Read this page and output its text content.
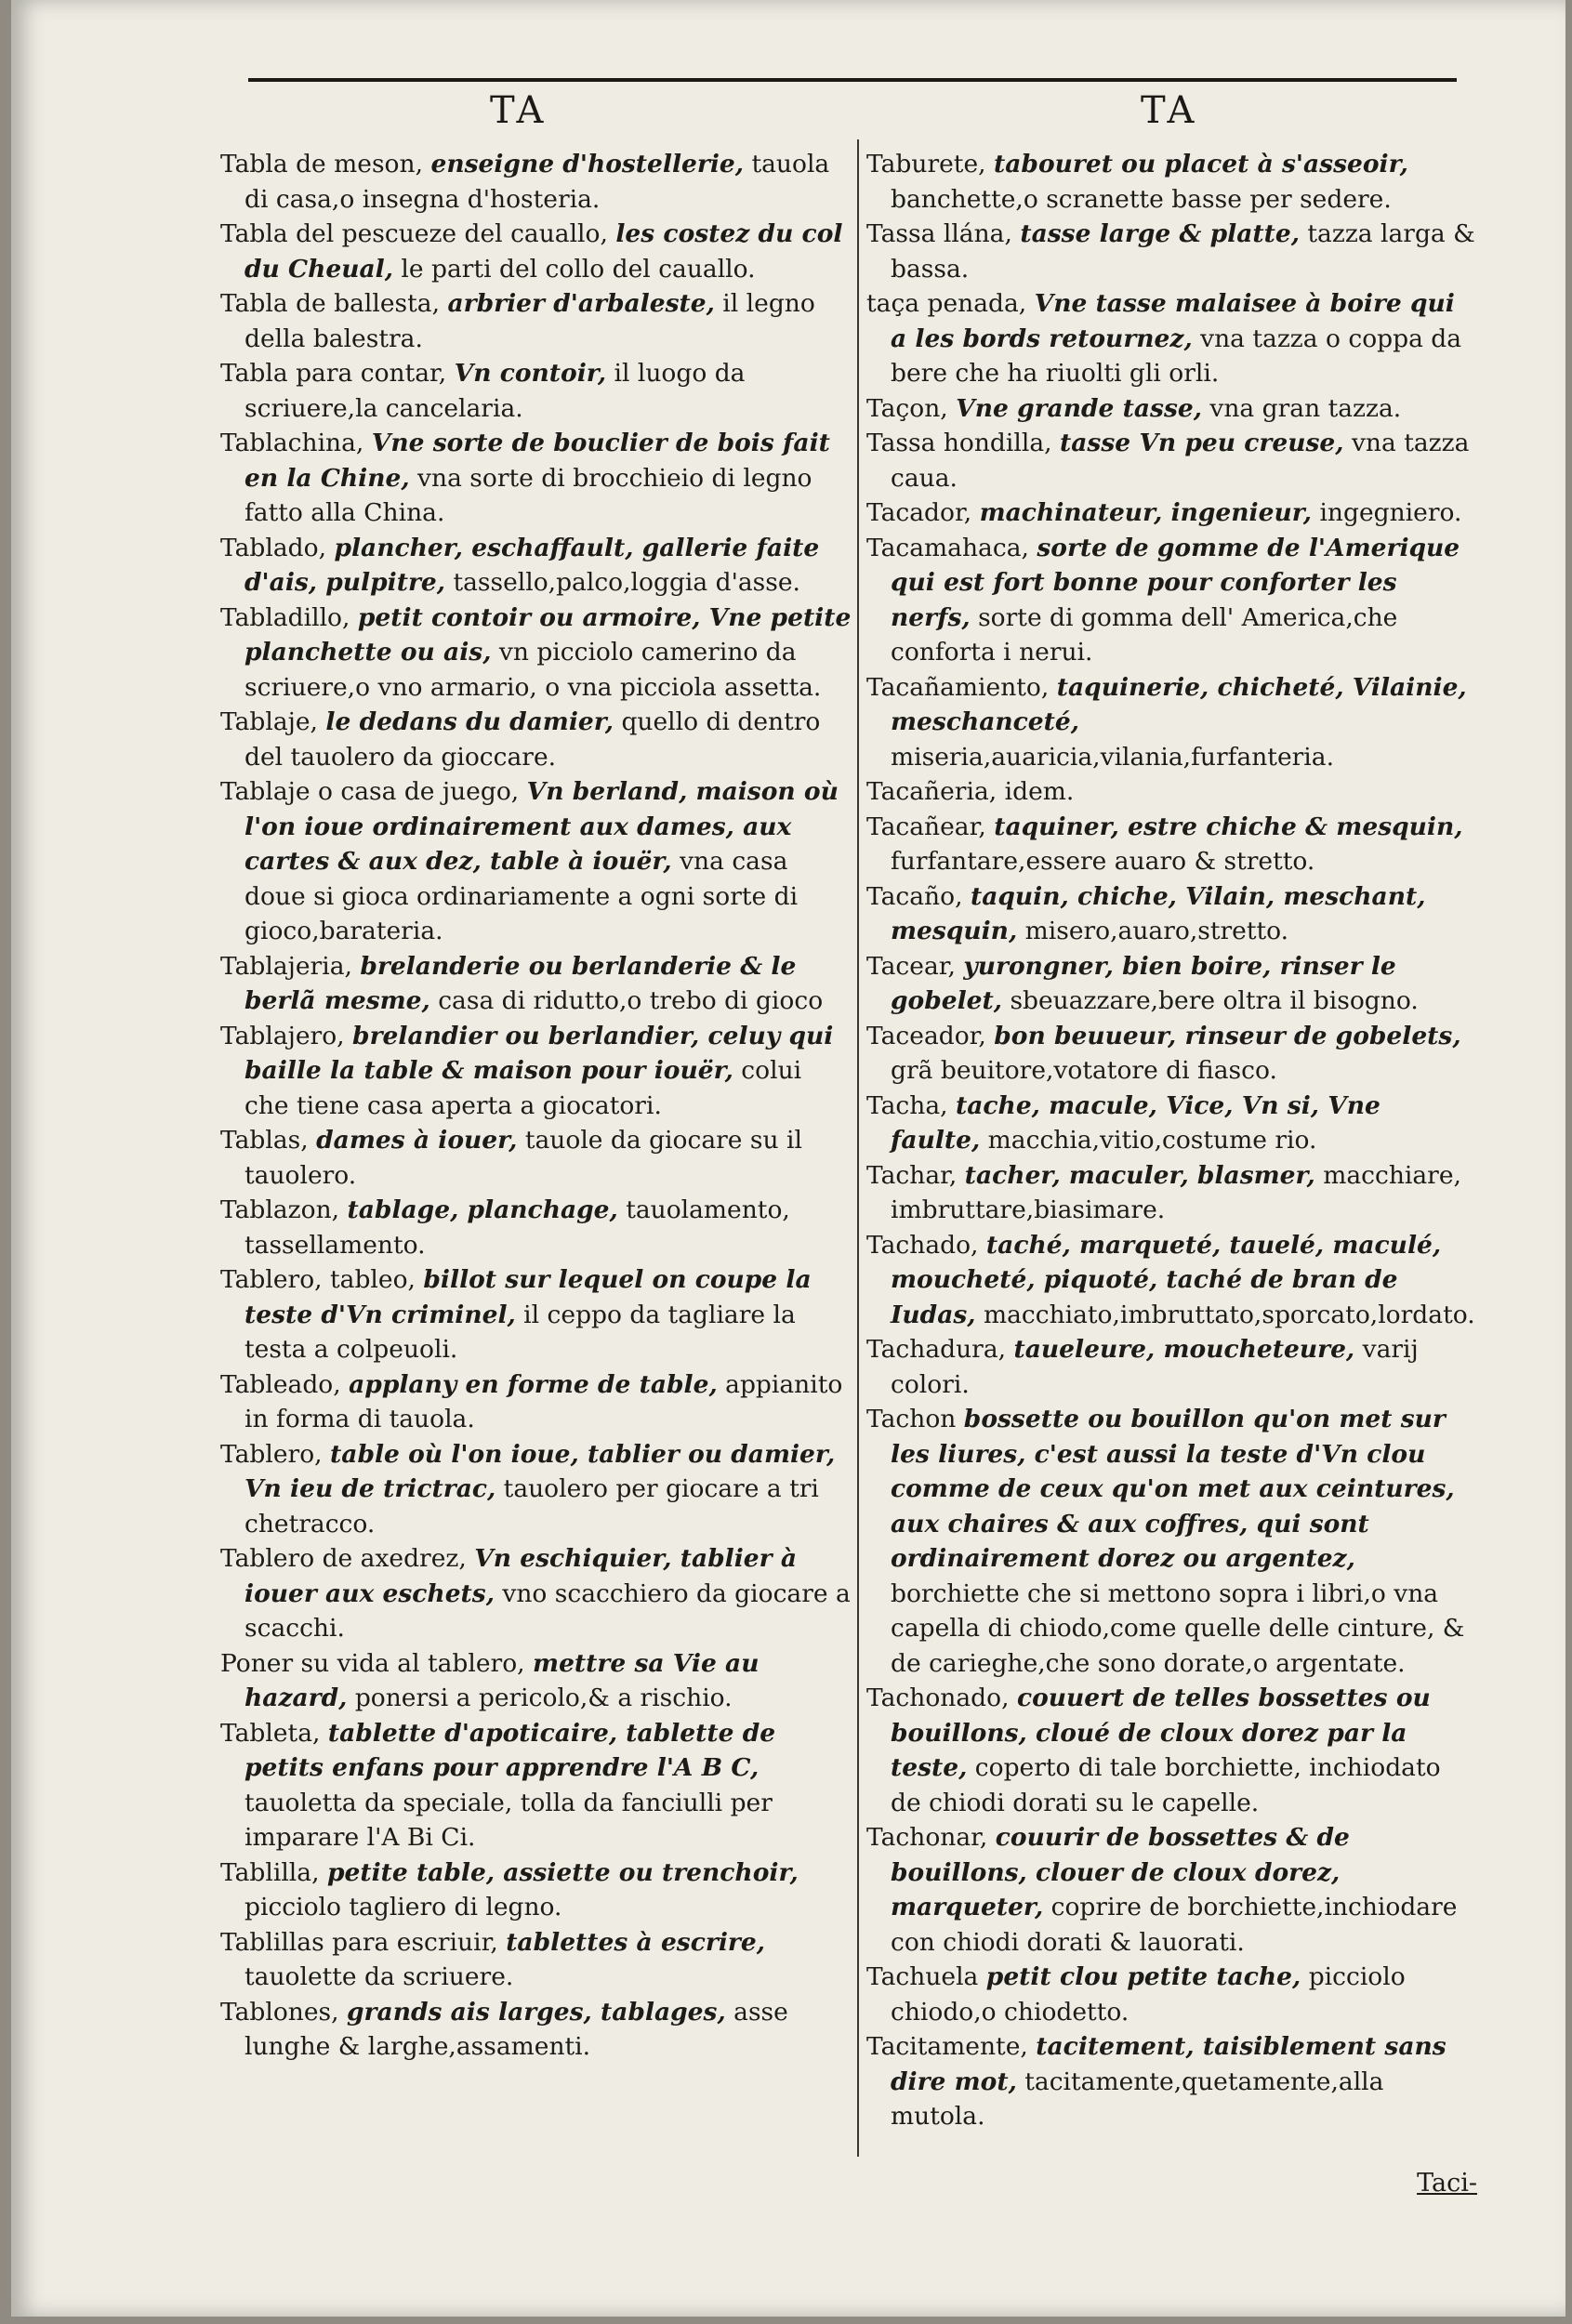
TA	TA

Tabla de meson, enseigne d'hostellerie, tauola di casa,o insegna d'hosteria.

Tabla del pescueze del cauallo, les costez du col du Cheual, le parti del collo del cauallo.

Tabla de ballesta, arbrier d'arbaleste, il legno della balestra.

Tabla para contar, Vn contoir, il luogo da scriuere,la cancelaria.

Tablachina, Vne sorte de bouclier de bois fait en la Chine, vna sorte di brocchieio di legno fatto alla China.

Tablado, plancher, eschaffault, gallerie faite d'ais, pulpitre, tassello,palco,loggia d'asse.

Tabladillo, petit contoir ou armoire, Vne petite planchette ou ais, vn picciolo camerino da scriuere,o vno armario, o vna picciola assetta.

Tablaje, le dedans du damier, quello di dentro del tauolero da gioccare.

Tablaje o casa de juego, Vn berland, maison où l'on ioue ordinairement aux dames, aux cartes & aux dez, table à iouër, vna casa doue si gioca ordinariamente a ogni sorte di gioco,barateria.

Tablajeria, brelanderie ou berlanderie & le berlã mesme, casa di ridutto,o trebo di gioco

Tablajero, brelandier ou berlandier, celuy qui baille la table & maison pour iouër, colui che tiene casa aperta a giocatori.

Tablas, dames à iouer, tauole da giocare su il tauolero.

Tablazon, tablage, planchage, tauolamento, tassellamento.

Tablero, tableo, billot sur lequel on coupe la teste d'Vn criminel, il ceppo da tagliare la testa a colpeuoli.

Tableado, applany en forme de table, appianito in forma di tauola.

Tablero, table où l'on ioue, tablier ou damier, Vn ieu de trictrac, tauolero per giocare a tri chetracco.

Tablero de axedrez, Vn eschiquier, tablier à iouer aux eschets, vno scacchiero da giocare a scacchi.

Poner su vida al tablero, mettre sa Vie au hazard, ponersi a pericolo,& a rischio.

Tableta, tablette d'apoticaire, tablette de petits enfans pour apprendre l'A B C, tauoletta da speciale, tolla da fanciulli per imparare l'A Bi Ci.

Tablilla, petite table, assiette ou trenchoir, picciolo tagliero di legno.

Tablillas para escriuir, tablettes à escrire, tauolette da scriuere.

Tablones, grands ais larges, tablages, asse lunghe & larghe,assamenti.

Taburete, tabouret ou placet à s'asseoir, banchette,o scranette basse per sedere.

Tassa llána, tasse large & platte, tazza larga & bassa.

taça penada, Vne tasse malaisee à boire qui a les bords retournez, vna tazza o coppa da bere che ha riuolti gli orli.

Taçon, Vne grande tasse, vna gran tazza.

Tassa hondilla, tasse Vn peu creuse, vna tazza caua.

Tacador, machinateur, ingenieur, ingegniero.

Tacamahaca, sorte de gomme de l'Amerique qui est fort bonne pour conforter les nerfs, sorte di gomma dell' America,che conforta i nerui.

Tacañamiento, taquinerie, chicheté, Vilainie, meschanceté, miseria,auaricia,vilania,furfanteria.

Tacañeria, idem.

Tacañear, taquiner, estre chiche & mesquin, furfantare,essere auaro & stretto.

Tacaño, taquin, chiche, Vilain, meschant, mesquin, misero,auaro,stretto.

Tacear, yurongner, bien boire, rinser le gobelet, sbeuazzare,bere oltra il bisogno.

Taceador, bon beuueur, rinseur de gobelets, grã beuitore,votatore di fiasco.

Tacha, tache, macule, Vice, Vn si, Vne faulte, macchia,vitio,costume rio.

Tachar, tacher, maculer, blasmer, macchiare, imbruttare,biasimare.

Tachado, taché, marqueté, tauelé, maculé, moucheté, piquoté, taché de bran de Iudas, macchiato,imbruttato,sporcato,lordato.

Tachadura, taueleure, moucheteure, varij colori.

Tachon bossette ou bouillon qu'on met sur les liures, c'est aussi la teste d'Vn clou comme de ceux qu'on met aux ceintures, aux chaires & aux coffres, qui sont ordinairement dorez ou argentez, borchiette che si mettono sopra i libri,o vna capella di chiodo,come quelle delle cinture, & de carieghe,che sono dorate,o argentate.

Tachonado, couuert de telles bossettes ou bouillons, cloué de cloux dorez par la teste, coperto di tale borchiette, inchiodato de chiodi dorati su le capelle.

Tachonar, couurir de bossettes & de bouillons, clouer de cloux dorez, marqueter, coprire de borchiette,inchiodare con chiodi dorati & lauorati.

Tachuela petit clou petite tache, picciolo chiodo,o chiodetto.

Tacitamente, tacitement, taisiblement sans dire mot, tacitamente,quetamente,alla mutola.

Taci-
